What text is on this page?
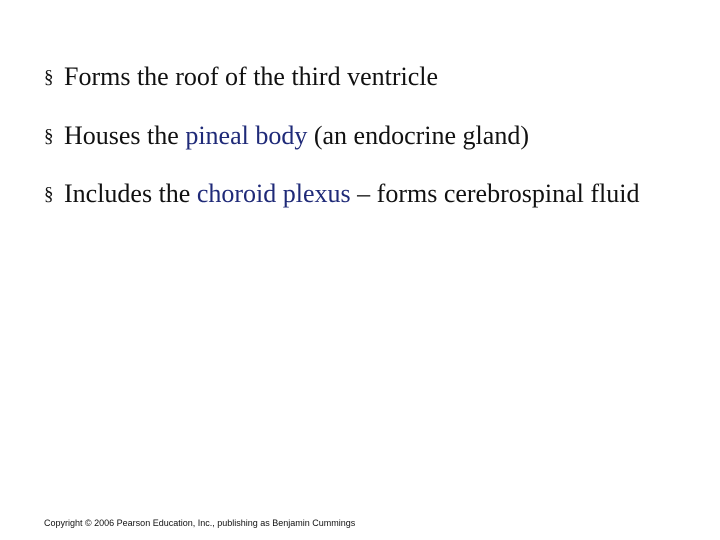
§ Forms the roof of the third ventricle
§ Houses the pineal body (an endocrine gland)
§ Includes the choroid plexus – forms cerebrospinal fluid
Copyright © 2006 Pearson Education, Inc., publishing as Benjamin Cummings
